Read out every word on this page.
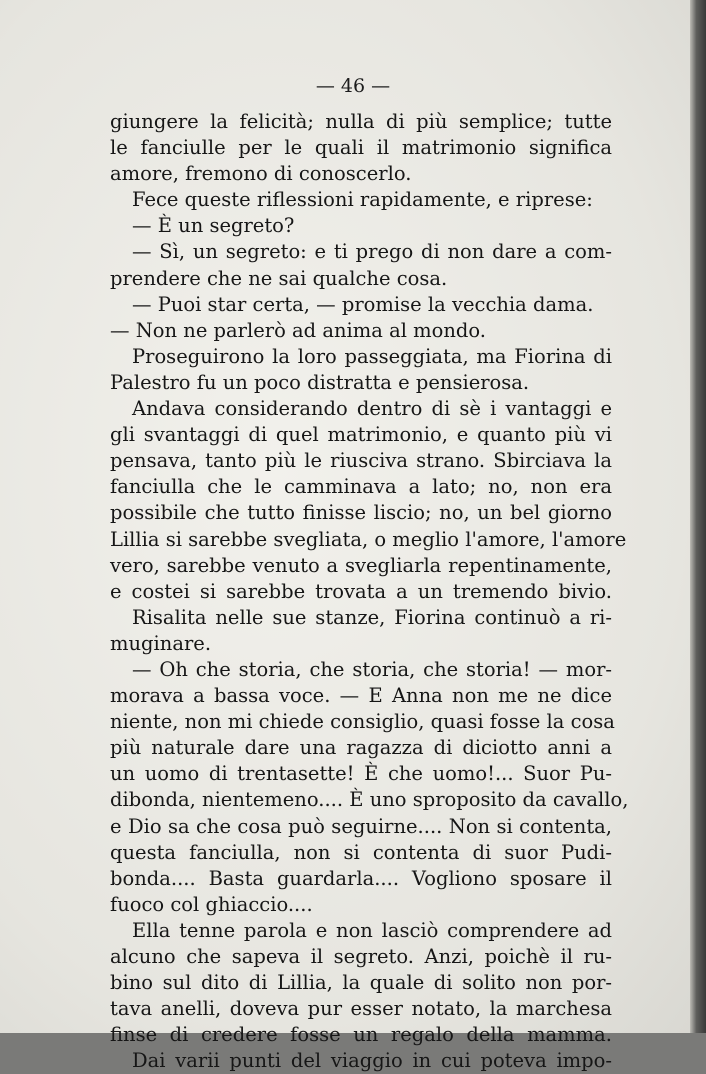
— 46 —
giungere la felicità; nulla di più semplice; tutte
le fanciulle per le quali il matrimonio significa
amore, fremono di conoscerlo.
Fece queste riflessioni rapidamente, e riprese:
— È un segreto?
— Sì, un segreto: e ti prego di non dare a com-
prendere che ne sai qualche cosa.
— Puoi star certa, — promise la vecchia dama.
— Non ne parlerò ad anima al mondo.
Proseguirono la loro passeggiata, ma Fiorina di
Palestro fu un poco distratta e pensierosa.
Andava considerando dentro di sè i vantaggi e
gli svantaggi di quel matrimonio, e quanto più vi
pensava, tanto più le riusciva strano. Sbirciava la
fanciulla che le camminava a lato; no, non era
possibile che tutto finisse liscio; no, un bel giorno
Lillia si sarebbe svegliata, o meglio l'amore, l'amore
vero, sarebbe venuto a svegliarla repentinamente,
e costei si sarebbe trovata a un tremendo bivio.
Risalita nelle sue stanze, Fiorina continuò a ri-
muginare.
— Oh che storia, che storia, che storia! — mor-
morava a bassa voce. — E Anna non me ne dice
niente, non mi chiede consiglio, quasi fosse la cosa
più naturale dare una ragazza di diciotto anni a
un uomo di trentasette! È che uomo!... Suor Pu-
dibonda, nientemeno.... È uno sproposito da cavallo,
e Dio sa che cosa può seguirne.... Non si contenta,
questa fanciulla, non si contenta di suor Pudi-
bonda.... Basta guardarla.... Vogliono sposare il
fuoco col ghiaccio....
Ella tenne parola e non lasciò comprendere ad
alcuno che sapeva il segreto. Anzi, poichè il ru-
bino sul dito di Lillia, la quale di solito non por-
tava anelli, doveva pur esser notato, la marchesa
finse di credere fosse un regalo della mamma.
Dai varii punti del viaggio in cui poteva impo-
